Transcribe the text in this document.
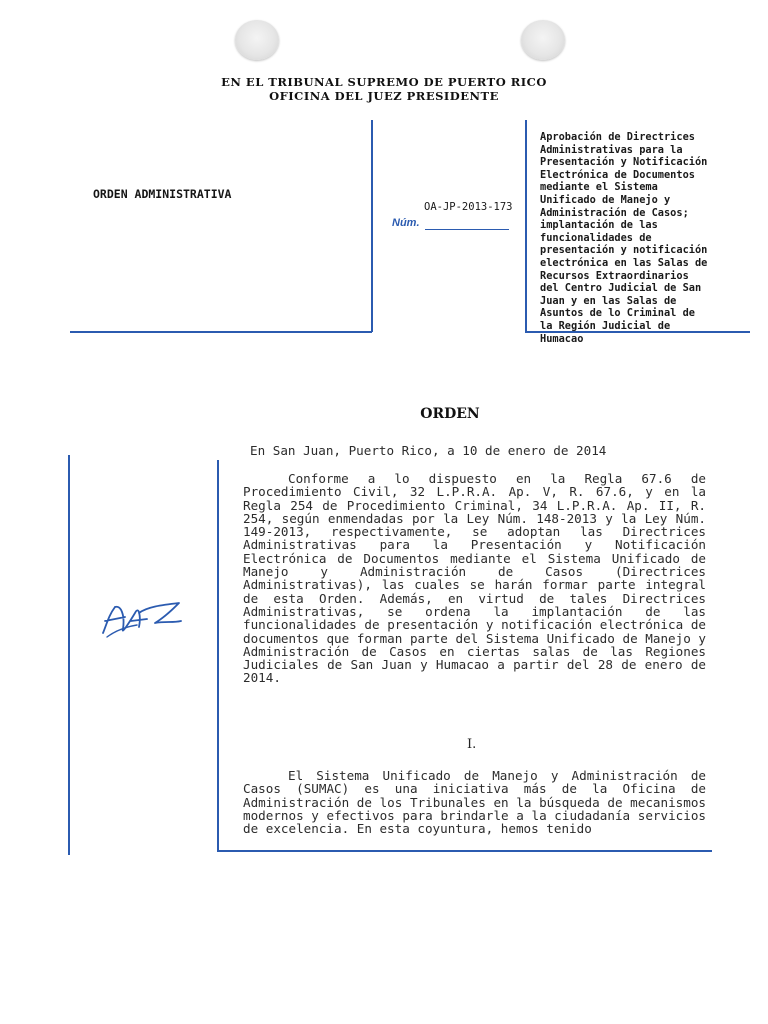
EN EL TRIBUNAL SUPREMO DE PUERTO RICO
OFICINA DEL JUEZ PRESIDENTE
ORDEN ADMINISTRATIVA
OA-JP-2013-173
Núm.
Aprobación de Directrices
Administrativas para la
Presentación y Notificación
Electrónica de Documentos
mediante el Sistema
Unificado de Manejo y
Administración de Casos;
implantación de las
funcionalidades de
presentación y notificación
electrónica en las Salas de
Recursos Extraordinarios
del Centro Judicial de San
Juan y en las Salas de
Asuntos de lo Criminal de
la Región Judicial de
Humacao
ORDEN
En San Juan, Puerto Rico, a 10 de enero de 2014

Conforme a lo dispuesto en la Regla 67.6 de Procedimiento Civil, 32 L.P.R.A. Ap. V, R. 67.6, y en la Regla 254 de Procedimiento Criminal, 34 L.P.R.A. Ap. II, R. 254, según enmendadas por la Ley Núm. 148-2013 y la Ley Núm. 149-2013, respectivamente, se adoptan las Directrices Administrativas para la Presentación y Notificación Electrónica de Documentos mediante el Sistema Unificado de Manejo y Administración de Casos (Directrices Administrativas), las cuales se harán formar parte integral de esta Orden. Además, en virtud de tales Directrices Administrativas, se ordena la implantación de las funcionalidades de presentación y notificación electrónica de documentos que forman parte del Sistema Unificado de Manejo y Administración de Casos en ciertas salas de las Regiones Judiciales de San Juan y Humacao a partir del 28 de enero de 2014.

I.

El Sistema Unificado de Manejo y Administración de Casos (SUMAC) es una iniciativa más de la Oficina de Administración de los Tribunales en la búsqueda de mecanismos modernos y efectivos para brindarle a la ciudadanía servicios de excelencia. En esta coyuntura, hemos tenido
